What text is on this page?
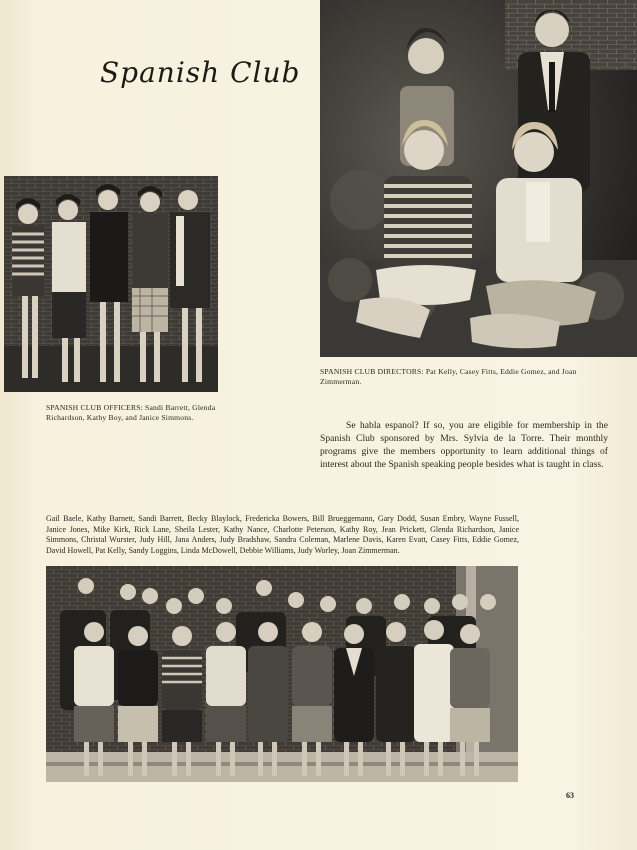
Spanish Club
SPANISH CLUB DIRECTORS: Pat Kelly, Casey Fitts, Eddie Gomez, and Joan Zimmerman.
SPANISH CLUB OFFICERS: Sandi Barrett, Glenda Richardson, Kathy Boy, and Janice Simmons.
Se habla espanol? If so, you are eligible for membership in the Spanish Club sponsored by Mrs. Sylvia de la Torre. Their monthly programs give the members opportunity to learn additional things of interest about the Spanish speaking people besides what is taught in class.
Gail Baele, Kathy Barnett, Sandi Barrett, Becky Blaylock, Fredericka Bowers, Bill Brueggemann, Gary Dodd, Susan Embry, Wayne Fussell, Janice Jones, Mike Kirk, Rick Lane, Sheila Lester, Kathy Nance, Charlotte Peterson, Kathy Roy, Jean Prickett, Glenda Richardson, Janice Simmons, Christal Wurster, Judy Hill, Jana Anders, Judy Bradshaw, Sandra Coleman, Marlene Davis, Karen Evatt, Casey Fitts, Eddie Gomez, David Howell, Pat Kelly, Sandy Loggins, Linda McDowell, Debbie Williams, Judy Worley, Joan Zimmerman.
63
